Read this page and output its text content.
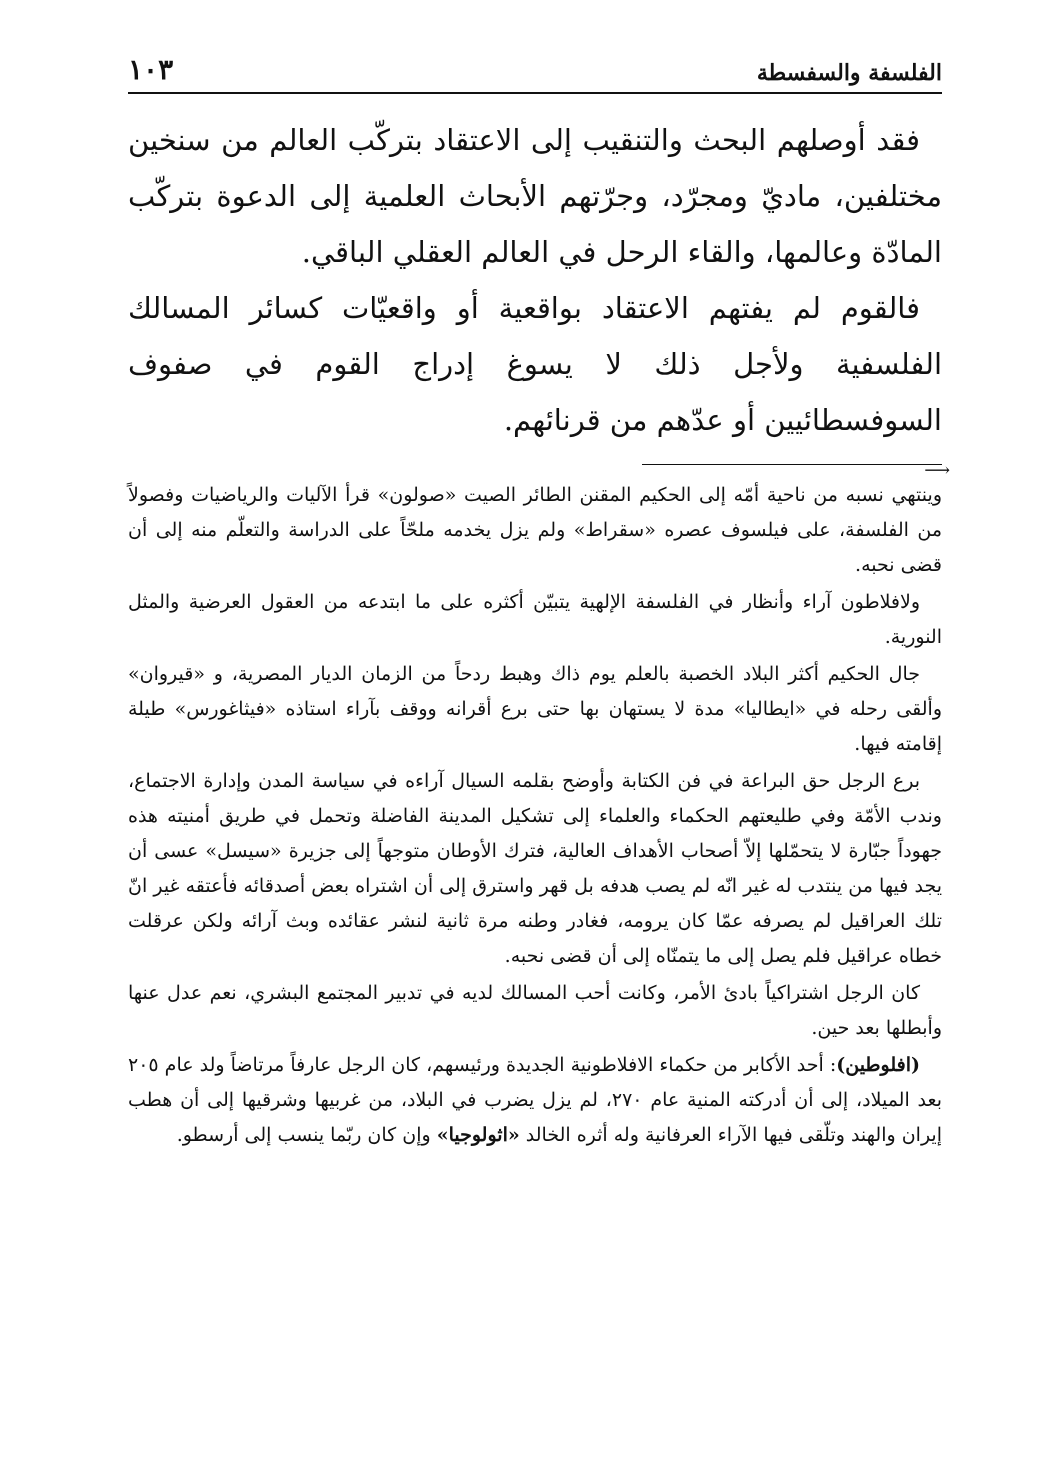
الفلسفة والسفسطة
١٠٣

فقد أوصلهم البحث والتنقيب إلى الاعتقاد بتركّب العالم من سنخين مختلفين، ماديّ ومجرّد، وجرّتهم الأبحاث العلمية إلى الدعوة بتركّب المادّة وعالمها، والقاء الرحل في العالم العقلي الباقي.

فالقوم لم يفتهم الاعتقاد بواقعية أو واقعيّات كسائر المسالك الفلسفية ولأجل ذلك لا يسوغ إدراج القوم في صفوف السوفسطائيين أو عدّهم من قرنائهم.

⟶

وينتهي نسبه من ناحية أمّه إلى الحكيم المقنن الطائر الصيت «صولون» قرأ الآليات والرياضيات وفصولاً من الفلسفة، على فيلسوف عصره «سقراط» ولم يزل يخدمه ملحّاً على الدراسة والتعلّم منه إلى أن قضى نحبه.

ولافلاطون آراء وأنظار في الفلسفة الإلهية يتبيّن أكثره على ما ابتدعه من العقول العرضية والمثل النورية.

جال الحكيم أكثر البلاد الخصبة بالعلم يوم ذاك وهبط ردحاً من الزمان الديار المصرية، و «قيروان» وألقى رحله في «ايطاليا» مدة لا يستهان بها حتى برع أقرانه ووقف بآراء استاذه «فيثاغورس» طيلة إقامته فيها.

برع الرجل حق البراعة في فن الكتابة وأوضح بقلمه السيال آراءه في سياسة المدن وإدارة الاجتماع، وندب الأمّة وفي طليعتهم الحكماء والعلماء إلى تشكيل المدينة الفاضلة وتحمل في طريق أمنيته هذه جهوداً جبّارة لا يتحمّلها إلاّ أصحاب الأهداف العالية، فترك الأوطان متوجهاً إلى جزيرة «سيسل» عسى أن يجد فيها من ينتدب له غير انّه لم يصب هدفه بل قهر واسترق إلى أن اشتراه بعض أصدقائه فأعتقه غير انّ تلك العراقيل لم يصرفه عمّا كان يرومه، فغادر وطنه مرة ثانية لنشر عقائده وبث آرائه ولكن عرقلت خطاه عراقيل فلم يصل إلى ما يتمنّاه إلى أن قضى نحبه.

كان الرجل اشتراكياً بادئ الأمر، وكانت أحب المسالك لديه في تدبير المجتمع البشري، نعم عدل عنها وأبطلها بعد حين.

(افلوطين): أحد الأكابر من حكماء الافلاطونية الجديدة ورئيسهم، كان الرجل عارفاً مرتاضاً ولد عام ٢٠٥ بعد الميلاد، إلى أن أدركته المنية عام ٢٧٠، لم يزل يضرب في البلاد، من غربيها وشرقيها إلى أن هطب إيران والهند وتلّقى فيها الآراء العرفانية وله أثره الخالد «اثولوجيا» وإن كان ربّما ينسب إلى أرسطو.
